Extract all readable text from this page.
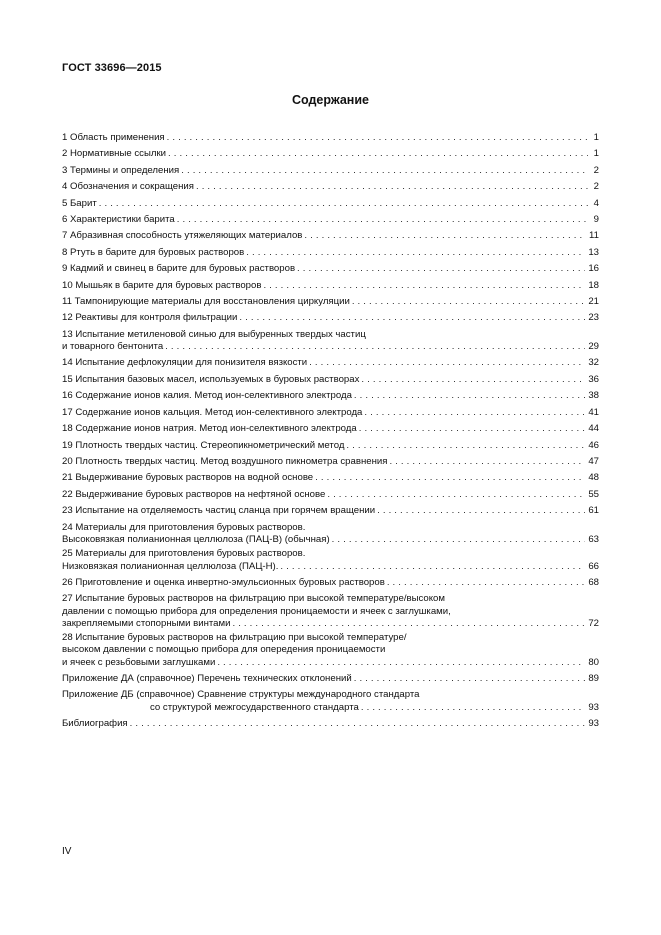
ГОСТ 33696—2015
Содержание
1 Область применения . . .	1
2 Нормативные ссылки . . .	1
3 Термины и определения . . .	2
4 Обозначения и сокращения . . .	2
5 Барит . . .	4
6 Характеристики барита . . .	9
7 Абразивная способность утяжеляющих материалов . . .	11
8 Ртуть в барите для буровых растворов . . .	13
9 Кадмий и свинец в барите для буровых растворов . . .	16
10 Мышьяк в барите для буровых растворов . . .	18
11 Тампонирующие материалы для восстановления циркуляции . . .	21
12 Реактивы для контроля фильтрации . . .	23
13 Испытание метиленовой синью для выбуренных твердых частиц
и товарного бентонита . . .	29
14 Испытание дефлокуляции для понизителя вязкости . . .	32
15 Испытания базовых масел, используемых в буровых растворах . . .	36
16 Содержание ионов калия. Метод ион-селективного электрода . . .	38
17 Содержание ионов кальция. Метод ион-селективного электрода . . .	41
18 Содержание ионов натрия. Метод ион-селективного электрода . . .	44
19 Плотность твердых частиц. Стереопикнометрический метод . . .	46
20 Плотность твердых частиц. Метод воздушного пикнометра сравнения . . .	47
21 Выдерживание буровых растворов на водной основе . . .	48
22 Выдерживание буровых растворов на нефтяной основе . . .	55
23 Испытание на отделяемость частиц сланца при горячем вращении . . .	61
24 Материалы для приготовления буровых растворов.
Высоковязкая полианионная целлюлоза (ПАЦ-В) (обычная) . . .	63
25 Материалы для приготовления буровых растворов.
Низковязкая полианионная целлюлоза (ПАЦ-Н). . . .	66
26 Приготовление и оценка инвертно-эмульсионных буровых растворов . . .	68
27 Испытание буровых растворов на фильтрацию при высокой температуре/высоком
давлении с помощью прибора для определения проницаемости и ячеек с заглушками,
закрепляемыми стопорными винтами . . .	72
28 Испытание буровых растворов на фильтрацию при высокой температуре/
высоком давлении с помощью прибора для опередения проницаемости
и ячеек с резьбовыми заглушками . . .	80
Приложение ДА (справочное) Перечень технических отклонений . . .	89
Приложение ДБ (справочное) Сравнение структуры международного стандарта
со структурой межгосударственного стандарта . . .	93
Библиография . . .	93
IV
